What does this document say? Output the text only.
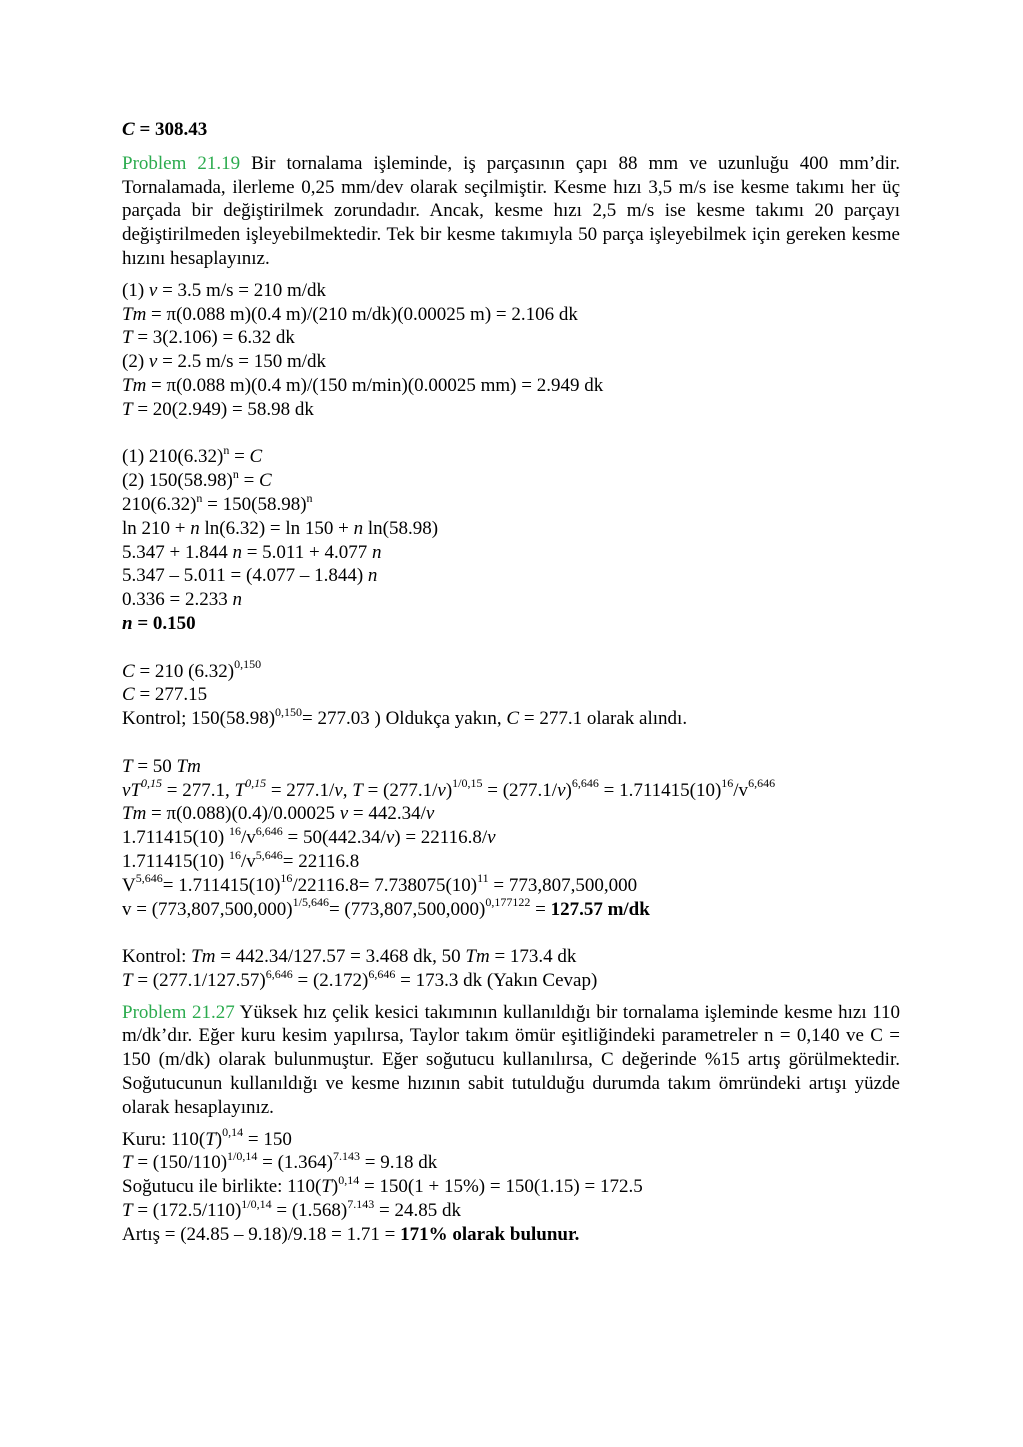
C = 308.43

Problem 21.19 Bir tornalama işleminde, iş parçasının çapı 88 mm ve uzunluğu 400 mm’dir. Tornalamada, ilerleme 0,25 mm/dev olarak seçilmiştir. Kesme hızı 3,5 m/s ise kesme takımı her üç parçada bir değiştirilmek zorundadır. Ancak, kesme hızı 2,5 m/s ise kesme takımı 20 parçayı değiştirilmeden işleyebilmektedir. Tek bir kesme takımıyla 50 parça işleyebilmek için gereken kesme hızını hesaplayınız.

(1) v = 3.5 m/s = 210 m/dk

Tm = π(0.088 m)(0.4 m)/(210 m/dk)(0.00025 m) = 2.106 dk

T = 3(2.106) = 6.32 dk

(2) v = 2.5 m/s = 150 m/dk

Tm = π(0.088 m)(0.4 m)/(150 m/min)(0.00025 mm) = 2.949 dk

T = 20(2.949) = 58.98 dk

(1) $210(6.32)^n = C$

(2) $150(58.98)^n = C$

$210(6.32)^n = 150(58.98)^n$

ln 210 + n ln(6.32) = ln 150 + n ln(58.98)

5.347 + 1.844 n = 5.011 + 4.077 n

5.347 – 5.011 = (4.077 – 1.844) n

0.336 = 2.233 n

n = 0.150

C = 210 $(6.32)^{0,150}$

C = 277.15

Kontrol; $150(58.98)^{0,150}= 277.03$ ) Oldukça yakın, C = 277.1 olarak alındı.

T = 50 Tm

vT$^{0,15}$ = 277.1, T$^{0,15}$ = 277.1/v, $T = (277.1/v)^{1/0,15} = (277.1/v)^{6,646} = 1.711415(10)^{16}/v^{6,646}$

Tm = π(0.088)(0.4)/0.00025 v = 442.34/v

1.711415(10) $^{16}/v^{6,646} = 50(442.34/v) = 22116.8/v$

1.711415(10) $^{16}/v^{5,646}= 22116.8$

$V^{5,646}= 1.711415(10)^{16}/22116.8= 7.738075(10)^{11} = 773,807,500,000$

$v = (773,807,500,000)^{1/5,646}= (773,807,500,000)^{0,177122} = 127.57$ m/dk

Kontrol: Tm = 442.34/127.57 = 3.468 dk, 50 Tm = 173.4 dk

$T = (277.1/127.57)^{6,646} = (2.172)^{6,646} = 173.3$ dk (Yakın Cevap)

Problem 21.27 Yüksek hız çelik kesici takımının kullanıldığı bir tornalama işleminde kesme hızı 110 m/dk’dır. Eğer kuru kesim yapılırsa, Taylor takım ömür eşitliğindeki parametreler n = 0,140 ve C = 150 (m/dk) olarak bulunmuştur. Eğer soğutucu kullanılırsa, C değerinde %15 artış görülmektedir. Soğutucunun kullanıldığı ve kesme hızının sabit tutulduğu durumda takım ömründeki artışı yüzde olarak hesaplayınız.

Kuru: $110(T)^{0,14} = 150$

$T = (150/110)^{1/0,14} = (1.364)^{7.143} = 9.18$ dk

Soğutucu ile birlikte: $110(T)^{0,14} = 150(1 + 15\%) = 150(1.15) = 172.5$

$T = (172.5/110)^{1/0,14} = (1.568)^{7.143} = 24.85$ dk

Artış = (24.85 – 9.18)/9.18 = 1.71 = 171% olarak bulunur.
